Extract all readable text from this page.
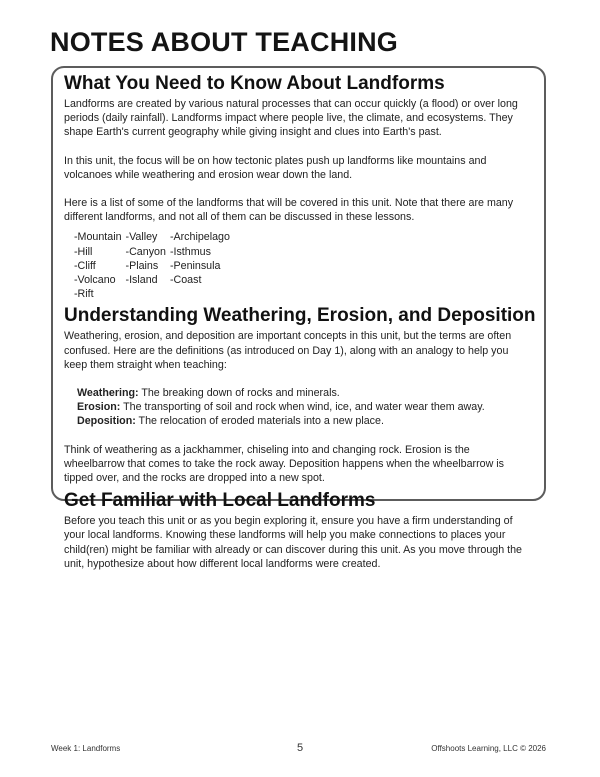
NOTES ABOUT TEACHING
What You Need to Know About Landforms

Landforms are created by various natural processes that can occur quickly (a flood) or over long periods (daily rainfall). Landforms impact where people live, the climate, and ecosystems. They shape Earth's current geography while giving insight and clues into Earth's past.

In this unit, the focus will be on how tectonic plates push up landforms like mountains and volcanoes while weathering and erosion wear down the land.

Here is a list of some of the landforms that will be covered in this unit. Note that there are many different landforms, and not all of them can be discussed in these lessons.

-Mountain
-Hill
-Cliff
-Volcano
-Rift
-Valley
-Canyon
-Plains
-Island
-Archipelago
-Isthmus
-Peninsula
-Coast
Understanding Weathering, Erosion, and Deposition

Weathering, erosion, and deposition are important concepts in this unit, but the terms are often confused. Here are the definitions (as introduced on Day 1), along with an analogy to help you keep them straight when teaching:

Weathering: The breaking down of rocks and minerals.
Erosion: The transporting of soil and rock when wind, ice, and water wear them away.
Deposition: The relocation of eroded materials into a new place.

Think of weathering as a jackhammer, chiseling into and changing rock. Erosion is the wheelbarrow that comes to take the rock away. Deposition happens when the wheelbarrow is tipped over, and the rocks are dropped into a new spot.

Get Familiar with Local Landforms

Before you teach this unit or as you begin exploring it, ensure you have a firm understanding of your local landforms. Knowing these landforms will help you make connections to places your child(ren) might be familiar with already or can discover during this unit. As you move through the unit, hypothesize about how different local landforms were created.

Week 1: Landforms	5	Offshoots Learning, LLC © 2026
